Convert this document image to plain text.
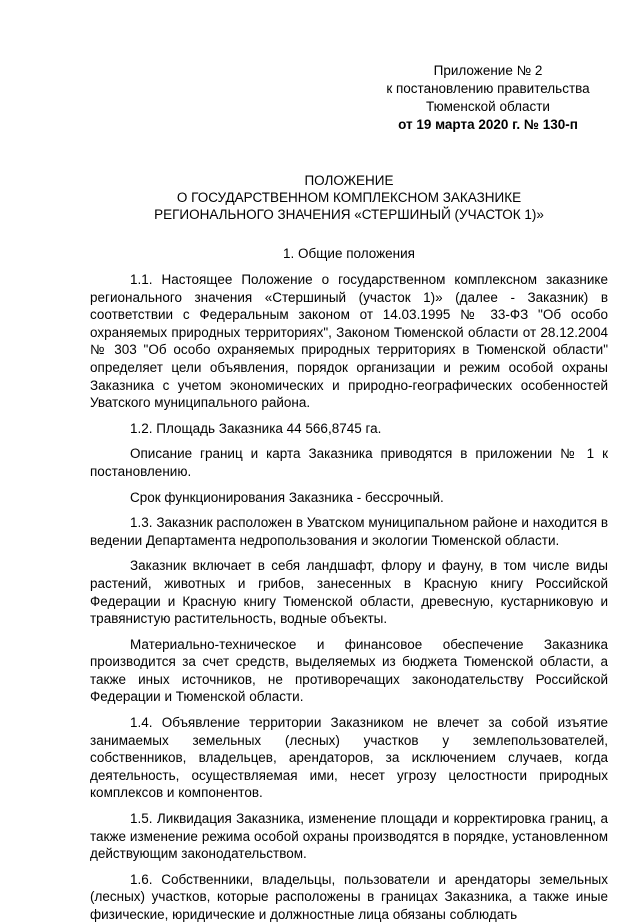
Приложение № 2
к постановлению правительства
Тюменской области
от 19 марта 2020 г. № 130-п
ПОЛОЖЕНИЕ
О ГОСУДАРСТВЕННОМ КОМПЛЕКСНОМ ЗАКАЗНИКЕ
РЕГИОНАЛЬНОГО ЗНАЧЕНИЯ «СТЕРШИНЫЙ (УЧАСТОК 1)»
1. Общие положения
1.1. Настоящее Положение о государственном комплексном заказнике регионального значения «Стершиный (участок 1)» (далее - Заказник) в соответствии с Федеральным законом от 14.03.1995 № 33-ФЗ "Об особо охраняемых природных территориях", Законом Тюменской области от 28.12.2004 № 303 "Об особо охраняемых природных территориях в Тюменской области" определяет цели объявления, порядок организации и режим особой охраны Заказника с учетом экономических и природно-географических особенностей Уватского муниципального района.
1.2. Площадь Заказника 44 566,8745 га.
Описание границ и карта Заказника приводятся в приложении № 1 к постановлению.
Срок функционирования Заказника - бессрочный.
1.3. Заказник расположен в Уватском муниципальном районе и находится в ведении Департамента недропользования и экологии Тюменской области.
Заказник включает в себя ландшафт, флору и фауну, в том числе виды растений, животных и грибов, занесенных в Красную книгу Российской Федерации и Красную книгу Тюменской области, древесную, кустарниковую и травянистую растительность, водные объекты.
Материально-техническое и финансовое обеспечение Заказника производится за счет средств, выделяемых из бюджета Тюменской области, а также иных источников, не противоречащих законодательству Российской Федерации и Тюменской области.
1.4. Объявление территории Заказником не влечет за собой изъятие занимаемых земельных (лесных) участков у землепользователей, собственников, владельцев, арендаторов, за исключением случаев, когда деятельность, осуществляемая ими, несет угрозу целостности природных комплексов и компонентов.
1.5. Ликвидация Заказника, изменение площади и корректировка границ, а также изменение режима особой охраны производятся в порядке, установленном действующим законодательством.
1.6. Собственники, владельцы, пользователи и арендаторы земельных (лесных) участков, которые расположены в границах Заказника, а также иные физические, юридические и должностные лица обязаны соблюдать
